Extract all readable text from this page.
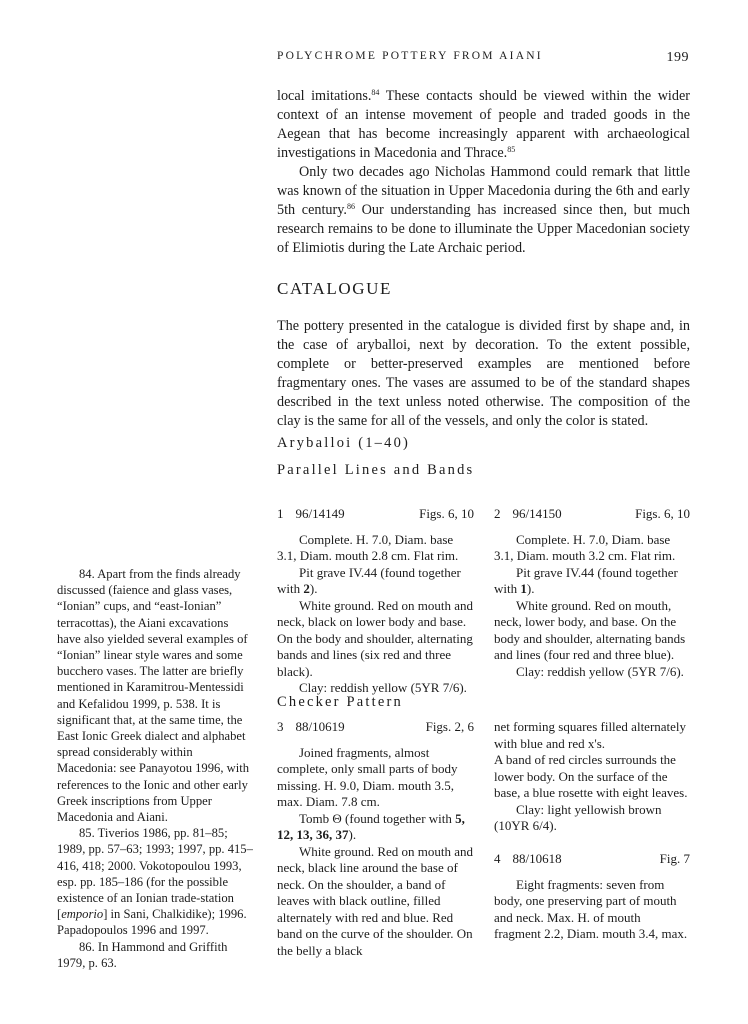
POLYCHROME POTTERY FROM AIANI	199

local imitations.$^{84}$ These contacts should be viewed within the wider context of an intense movement of people and traded goods in the Aegean that has become increasingly apparent with archaeological investigations in Macedonia and Thrace.$^{85}$

Only two decades ago Nicholas Hammond could remark that little was known of the situation in Upper Macedonia during the 6th and early 5th century.$^{86}$ Our understanding has increased since then, but much research remains to be done to illuminate the Upper Macedonian society of Elimiotis during the Late Archaic period.

CATALOGUE

The pottery presented in the catalogue is divided first by shape and, in the case of aryballoi, next by decoration. To the extent possible, complete or better-preserved examples are mentioned before fragmentary ones. The vases are assumed to be of the standard shapes described in the text unless noted otherwise. The composition of the clay is the same for all of the vessels, and only the color is stated.

Aryballoi (1–40)
Parallel Lines and Bands

1 96/14149	Figs. 6, 10

Complete. H. 7.0, Diam. base 3.1, Diam. mouth 2.8 cm. Flat rim.

Pit grave IV.44 (found together with 2).

White ground. Red on mouth and neck, black on lower body and base. On the body and shoulder, alternating bands and lines (six red and three black).

Clay: reddish yellow (5YR 7/6).

2 96/14150	Figs. 6, 10

Complete. H. 7.0, Diam. base 3.1, Diam. mouth 3.2 cm. Flat rim.

Pit grave IV.44 (found together with 1).

White ground. Red on mouth, neck, lower body, and base. On the body and shoulder, alternating bands and lines (four red and three blue).

Clay: reddish yellow (5YR 7/6).

Checker Pattern

3 88/10619	Figs. 2, 6

Joined fragments, almost complete, only small parts of body missing. H. 9.0, Diam. mouth 3.5, max. Diam. 7.8 cm.

Tomb Θ (found together with 5, 12, 13, 36, 37).

White ground. Red on mouth and neck, black line around the base of neck. On the shoulder, a band of leaves with black outline, filled alternately with red and blue. Red band on the curve of the shoulder. On the belly a black

net forming squares filled alternately with blue and red x's.

A band of red circles surrounds the lower body. On the surface of the base, a blue rosette with eight leaves.

Clay: light yellowish brown (10YR 6/4).

4 88/10618	Fig. 7

Eight fragments: seven from body, one preserving part of mouth and neck. Max. H. of mouth fragment 2.2, Diam. mouth 3.4, max.

84. Apart from the finds already discussed (faience and glass vases, “Ionian” cups, and “east-Ionian” terracottas), the Aiani excavations have also yielded several examples of “Ionian” linear style wares and some bucchero vases. The latter are briefly mentioned in Karamitrou-Mentessidi and Kefalidou 1999, p. 538. It is significant that, at the same time, the East Ionic Greek dialect and alphabet spread considerably within Macedonia: see Panayotou 1996, with references to the Ionic and other early Greek inscriptions from Upper Macedonia and Aiani.

85. Tiverios 1986, pp. 81–85; 1989, pp. 57–63; 1993; 1997, pp. 415–416, 418; 2000. Vokotopoulou 1993, esp. pp. 185–186 (for the possible existence of an Ionian trade-station [emporio] in Sani, Chalkidike); 1996. Papadopoulos 1996 and 1997.

86. In Hammond and Griffith 1979, p. 63.
